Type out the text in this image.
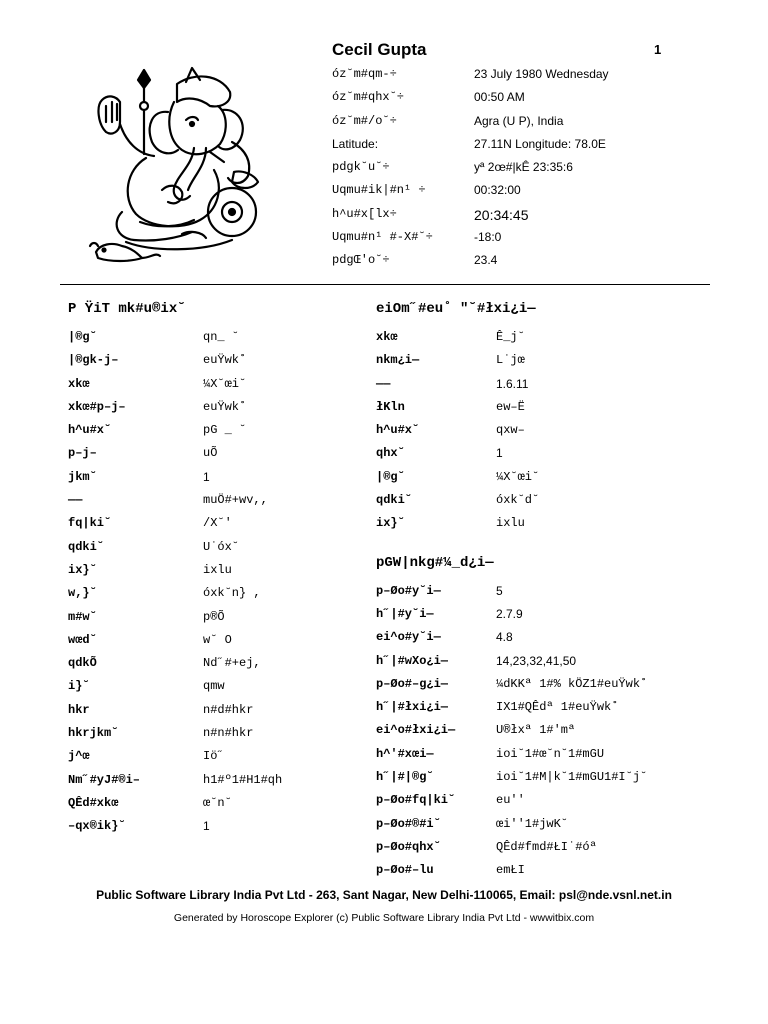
Cecil Gupta	1
óz˘m#qm-÷	23 July 1980 Wednesday
óz˘m#qhx˘÷	00:50 AM
óz˘m#/o˘÷	Agra (U P), India
Latitude:	27.11N Longitude: 78.0E
pdgk˘u˘÷	yª 2œ#|kÊ 23:35:6
Uqmu#ik|#n¹ ÷	00:32:00
h^u#x[lx÷	20:34:45
Uqmu#n¹ #-X#˘÷	-18:0
pdgŒ'o˘÷	23.4
P ŸiT mk#u®ix˘
|®g˘	qn_ ˘
|®gk-j–	euŸwk˚
xkœ	¼X˘œi˘
xkœ#p–j–	euŸwk˚
h^u#x˘	pG _ ˘
p–j–	uÕ
jkm˘	1
——	muÖ#+wv,,
fq|ki˘	/X˘'
qdki˘	U˙óx˘
ix}˘	ixlu
w,}˘	óxk˘n} ,
m#w˘	p®Õ
wœd˘	w˘ O
qdkÕ	Nd˝#+ej,
i}˘	qmw
hkr	n#d#hkr
hkrjkm˘	n#n#hkr
j^œ	Iö˝
Nm˝#yJ#®i–	h1#º1#H1#qh
QÊd#xkœ	œ˘n˘
–qx®ik}˘	1
eiOm˝#eu˚ "˘#łxi¿i—
xkœ	Ê_j˘
nkm¿i—	L˙jœ
——	1.6.11
łKln	ew–Ë
h^u#x˘	qxw–
qhx˘	1
|®g˘	¼X˘œi˘
qdki˘	óxk˘d˘
ix}˘	ixlu
pGW|nkg#¼_d¿i—
p–Øo#y˘i—	5
h˝|#y˘i—	2.7.9
ei^o#y˘i—	4.8
h˝|#wXo¿i—	14,23,32,41,50
p–Øo#–g¿i—	¼dKKª 1#% kÖZ1#euŸwk˚
h˝|#łxi¿i—	IX1#QÊdª 1#euŸwk˚
ei^o#łxi¿i—	U®łxª 1#'mª
h^'#xœi—	ioi˘1#œ˘n˘1#mGU
h˝|#|®g˘	ioi˘1#M|k˘1#mGU1#I˘j˘
p–Øo#fq|ki˘	eu''
p–Øo#®#i˘	œi''1#jwK˘
p–Øo#qhx˘	QÊd#fmd#ŁI˙#óª
p–Øo#–lu	emŁI
Public Software Library India Pvt Ltd - 263, Sant Nagar, New Delhi-110065, Email: psl@nde.vsnl.net.in
Generated by Horoscope Explorer (c) Public Software Library India Pvt Ltd - wwwitbix.com
